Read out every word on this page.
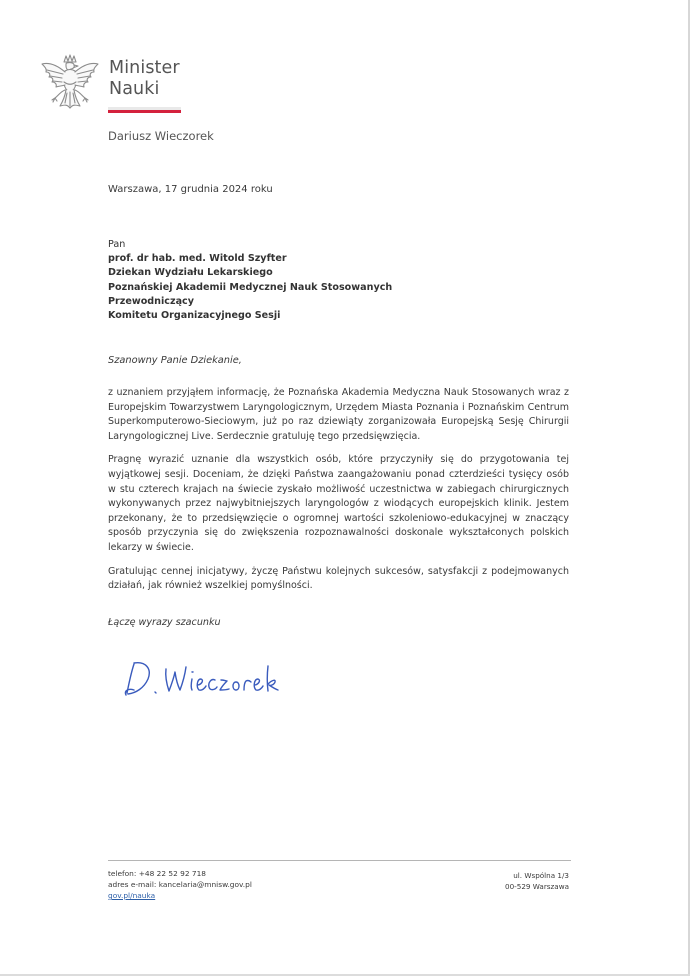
Minister
Nauki
Dariusz Wieczorek
Warszawa, 17 grudnia 2024 roku
Pan
prof. dr hab. med. Witold Szyfter
Dziekan Wydziału Lekarskiego
Poznańskiej Akademii Medycznej Nauk Stosowanych
Przewodniczący
Komitetu Organizacyjnego Sesji
Szanowny Panie Dziekanie,

z uznaniem przyjąłem informację, że Poznańska Akademia Medyczna Nauk Stosowanych wraz z Europejskim Towarzystwem Laryngologicznym, Urzędem Miasta Poznania i Poznańskim Centrum Superkomputerowo-Sieciowym, już po raz dziewiąty zorganizowała Europejską Sesję Chirurgii Laryngologicznej Live. Serdecznie gratuluję tego przedsięwzięcia.

Pragnę wyrazić uznanie dla wszystkich osób, które przyczyniły się do przygotowania tej wyjątkowej sesji. Doceniam, że dzięki Państwa zaangażowaniu ponad czterdzieści tysięcy osób w stu czterech krajach na świecie zyskało możliwość uczestnictwa w zabiegach chirurgicznych wykonywanych przez najwybitniejszych laryngologów z wiodących europejskich klinik. Jestem przekonany, że to przedsięwzięcie o ogromnej wartości szkoleniowo-edukacyjnej w znaczący sposób przyczynia się do zwiększenia rozpoznawalności doskonale wykształconych polskich lekarzy w świecie.

Gratulując cennej inicjatywy, życzę Państwu kolejnych sukcesów, satysfakcji z podejmowanych działań, jak również wszelkiej pomyślności.

Łączę wyrazy szacunku
telefon: +48 22 52 92 718
adres e-mail: kancelaria@mnisw.gov.pl
gov.pl/nauka
ul. Wspólna 1/3
00-529 Warszawa
